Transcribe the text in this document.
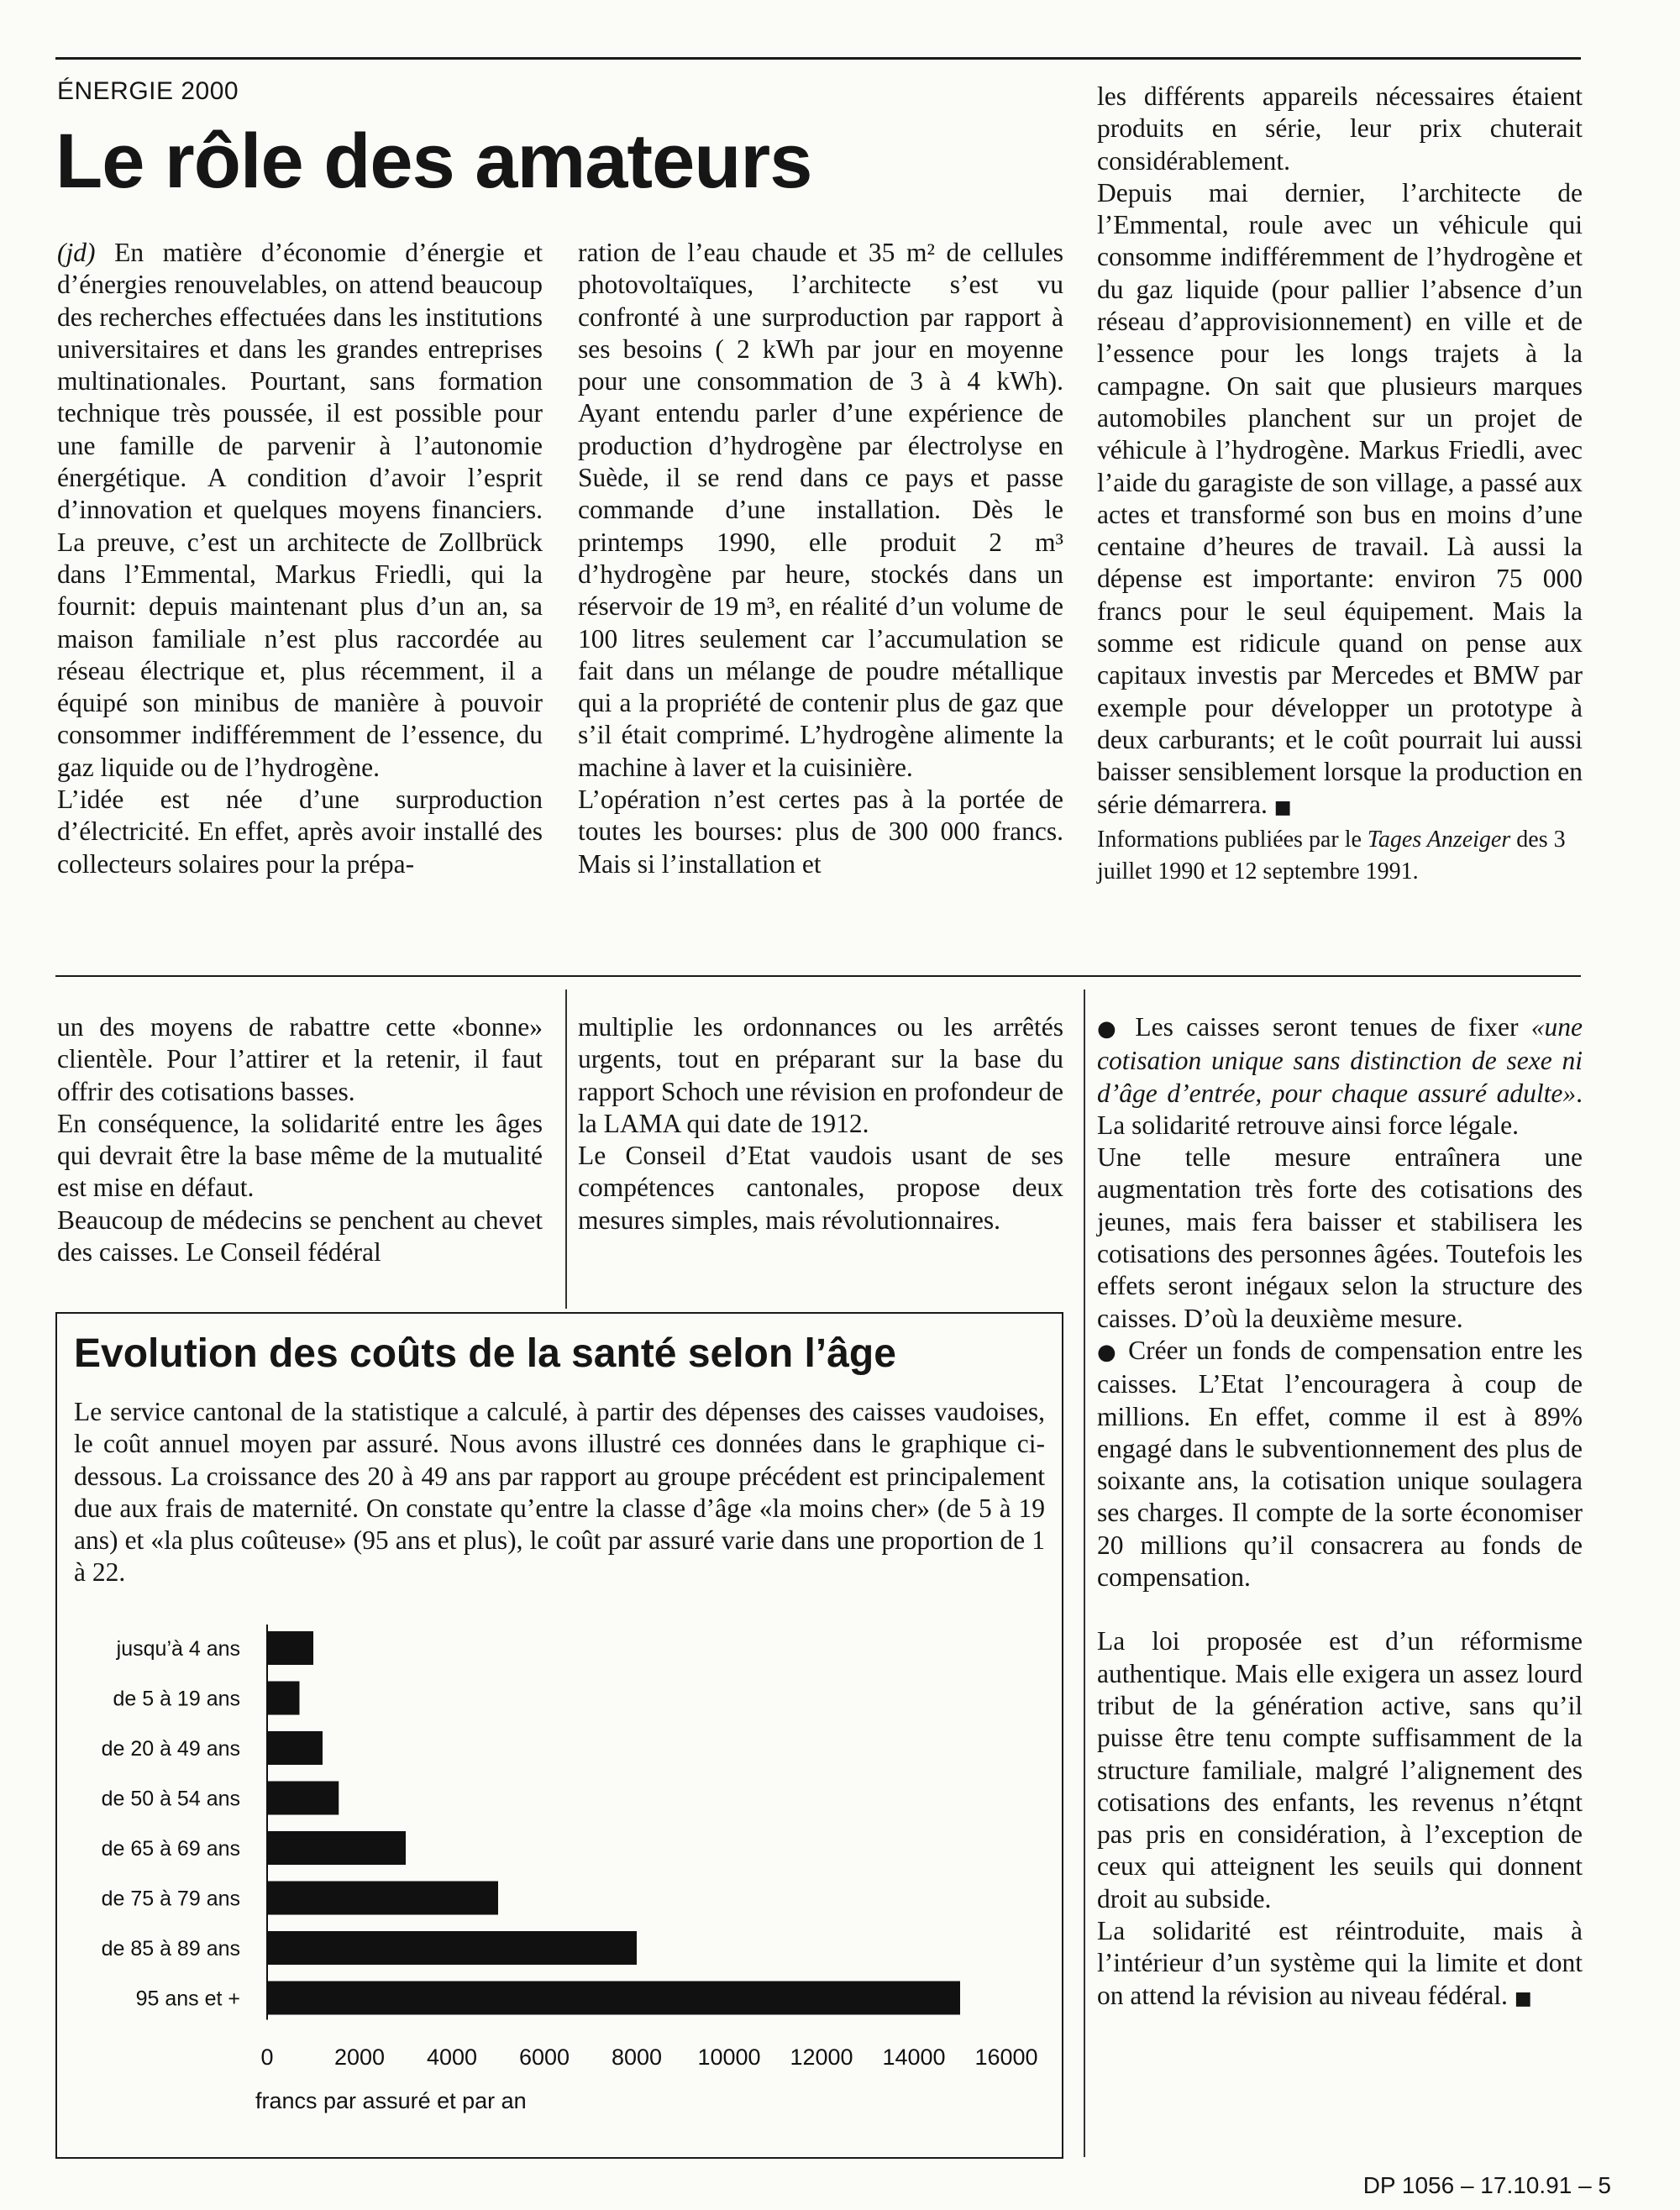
ÉNERGIE 2000
Le rôle des amateurs

(jd) En matière d’économie d’énergie et d’énergies renouvelables, on attend beaucoup des recherches effectuées dans les institutions universitaires et dans les grandes entreprises multinationales. Pourtant, sans formation technique très poussée, il est possible pour une famille de parvenir à l’autonomie énergétique. A condition d’avoir l’esprit d’innovation et quelques moyens financiers. La preuve, c’est un architecte de Zollbrück dans l’Emmental, Markus Friedli, qui la fournit: depuis maintenant plus d’un an, sa maison familiale n’est plus raccordée au réseau électrique et, plus récemment, il a équipé son minibus de manière à pouvoir consommer indifféremment de l’essence, du gaz liquide ou de l’hydrogène.

L’idée est née d’une surproduction d’électricité. En effet, après avoir installé des collecteurs solaires pour la prépa-

ration de l’eau chaude et 35 m² de cellules photovoltaïques, l’architecte s’est vu confronté à une surproduction par rapport à ses besoins ( 2 kWh par jour en moyenne pour une consommation de 3 à 4 kWh). Ayant entendu parler d’une expérience de production d’hydrogène par électrolyse en Suède, il se rend dans ce pays et passe commande d’une installation. Dès le printemps 1990, elle produit 2 m³ d’hydrogène par heure, stockés dans un réservoir de 19 m³, en réalité d’un volume de 100 litres seulement car l’accumulation se fait dans un mélange de poudre métallique qui a la propriété de contenir plus de gaz que s’il était comprimé. L’hydrogène alimente la machine à laver et la cuisinière.

L’opération n’est certes pas à la portée de toutes les bourses: plus de 300 000 francs. Mais si l’installation et

les différents appareils nécessaires étaient produits en série, leur prix chuterait considérablement.

Depuis mai dernier, l’architecte de l’Emmental, roule avec un véhicule qui consomme indifféremment de l’hydrogène et du gaz liquide (pour pallier l’absence d’un réseau d’approvisionnement) en ville et de l’essence pour les longs trajets à la campagne. On sait que plusieurs marques automobiles planchent sur un projet de véhicule à l’hydrogène. Markus Friedli, avec l’aide du garagiste de son village, a passé aux actes et transformé son bus en moins d’une centaine d’heures de travail. Là aussi la dépense est importante: environ 75 000 francs pour le seul équipement. Mais la somme est ridicule quand on pense aux capitaux investis par Mercedes et BMW par exemple pour développer un prototype à deux carburants; et le coût pourrait lui aussi baisser sensiblement lorsque la production en série démarrera. ■

Informations publiées par le Tages Anzeiger des 3 juillet 1990 et 12 septembre 1991.

un des moyens de rabattre cette «bonne» clientèle. Pour l’attirer et la retenir, il faut offrir des cotisations basses.

En conséquence, la solidarité entre les âges qui devrait être la base même de la mutualité est mise en défaut.

Beaucoup de médecins se penchent au chevet des caisses. Le Conseil fédéral

multiplie les ordonnances ou les arrêtés urgents, tout en préparant sur la base du rapport Schoch une révision en profondeur de la LAMA qui date de 1912.

Le Conseil d’Etat vaudois usant de ses compétences cantonales, propose deux mesures simples, mais révolutionnaires.

● Les caisses seront tenues de fixer «une cotisation unique sans distinction de sexe ni d’âge d’entrée, pour chaque assuré adulte». La solidarité retrouve ainsi force légale.

Une telle mesure entraînera une augmentation très forte des cotisations des jeunes, mais fera baisser et stabilisera les cotisations des personnes âgées. Toutefois les effets seront inégaux selon la structure des caisses. D’où la deuxième mesure.

● Créer un fonds de compensation entre les caisses. L’Etat l’encouragera à coup de millions. En effet, comme il est à 89% engagé dans le subventionnement des plus de soixante ans, la cotisation unique soulagera ses charges. Il compte de la sorte économiser 20 millions qu’il consacrera au fonds de compensation.

La loi proposée est d’un réformisme authentique. Mais elle exigera un assez lourd tribut de la génération active, sans qu’il puisse être tenu compte suffisamment de la structure familiale, malgré l’alignement des cotisations des enfants, les revenus n’étqnt pas pris en considération, à l’exception de ceux qui atteignent les seuils qui donnent droit au subside.

La solidarité est réintroduite, mais à l’intérieur d’un système qui la limite et dont on attend la révision au niveau fédéral. ■

Evolution des coûts de la santé selon l’âge

Le service cantonal de la statistique a calculé, à partir des dépenses des caisses vaudoises, le coût annuel moyen par assuré. Nous avons illustré ces données dans le graphique ci-dessous. La croissance des 20 à 49 ans par rapport au groupe précédent est principalement due aux frais de maternité. On constate qu’entre la classe d’âge «la moins cher» (de 5 à 19 ans) et «la plus coûteuse» (95 ans et plus), le coût par assuré varie dans une proportion de 1 à 22.

jusqu’à 4 ans
de 5 à 19 ans
de 20 à 49 ans
de 50 à 54 ans
de 65 à 69 ans
de 75 à 79 ans
de 85 à 89 ans
95 ans et +
0	2000 4000 6000 8000 10000 12000 14000 16000
francs par assuré et par an
DP 1056 – 17.10.91 – 5
